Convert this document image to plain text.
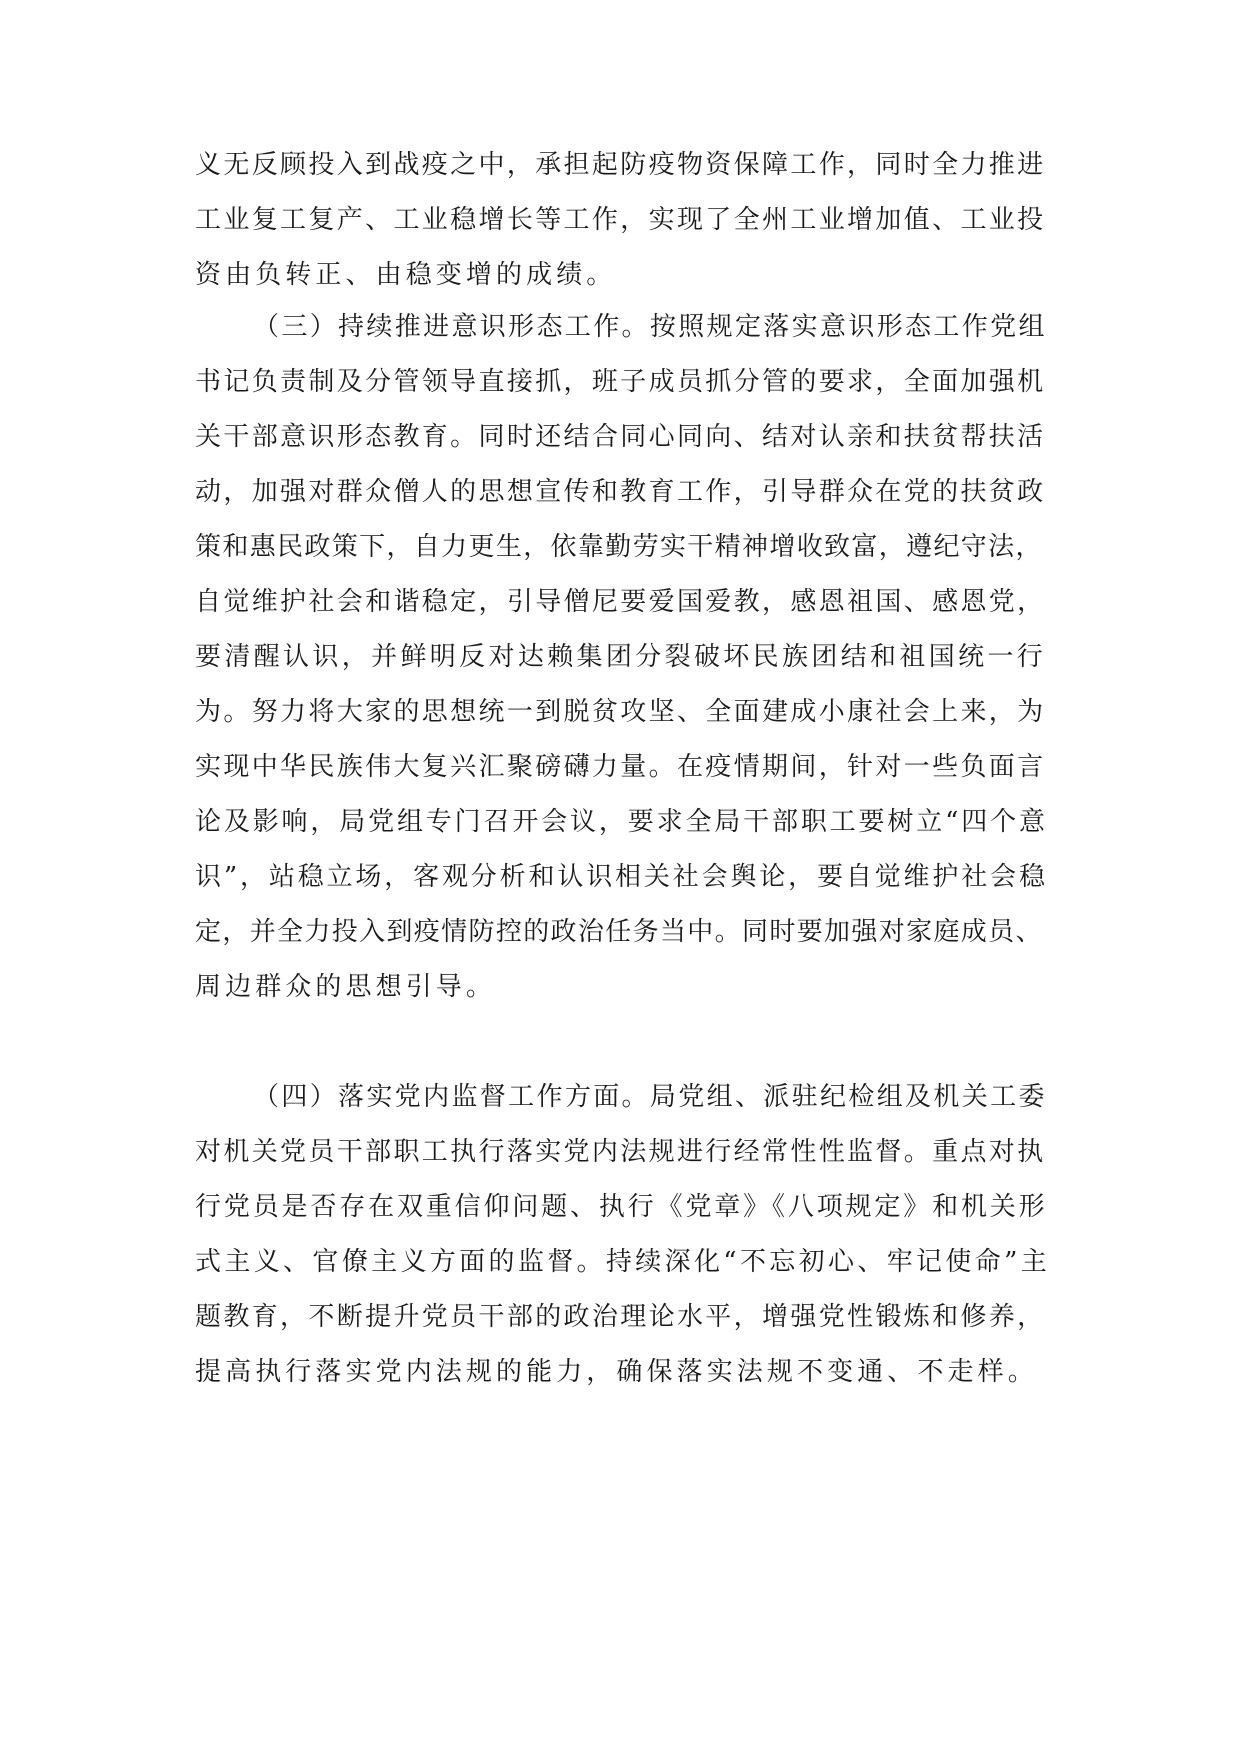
义无反顾投入到战疫之中，承担起防疫物资保障工作，同时全力推进
工业复工复产、工业稳增长等工作，实现了全州工业增加值、工业投
资由负转正、由稳变增的成绩。
（三）持续推进意识形态工作。按照规定落实意识形态工作党组
书记负责制及分管领导直接抓，班子成员抓分管的要求，全面加强机
关干部意识形态教育。同时还结合同心同向、结对认亲和扶贫帮扶活
动，加强对群众僧人的思想宣传和教育工作，引导群众在党的扶贫政
策和惠民政策下，自力更生，依靠勤劳实干精神增收致富，遵纪守法，
自觉维护社会和谐稳定，引导僧尼要爱国爱教，感恩祖国、感恩党，
要清醒认识，并鲜明反对达赖集团分裂破坏民族团结和祖国统一行
为。努力将大家的思想统一到脱贫攻坚、全面建成小康社会上来，为
实现中华民族伟大复兴汇聚磅礴力量。在疫情期间，针对一些负面言
论及影响，局党组专门召开会议，要求全局干部职工要树立“四个意
识”，站稳立场，客观分析和认识相关社会舆论，要自觉维护社会稳
定，并全力投入到疫情防控的政治任务当中。同时要加强对家庭成员、
周边群众的思想引导。
（四）落实党内监督工作方面。局党组、派驻纪检组及机关工委
对机关党员干部职工执行落实党内法规进行经常性性监督。重点对执
行党员是否存在双重信仰问题、执行《党章》《八项规定》和机关形
式主义、官僚主义方面的监督。持续深化“不忘初心、牢记使命”主
题教育，不断提升党员干部的政治理论水平，增强党性锻炼和修养，
提高执行落实党内法规的能力，确保落实法规不变通、不走样。
